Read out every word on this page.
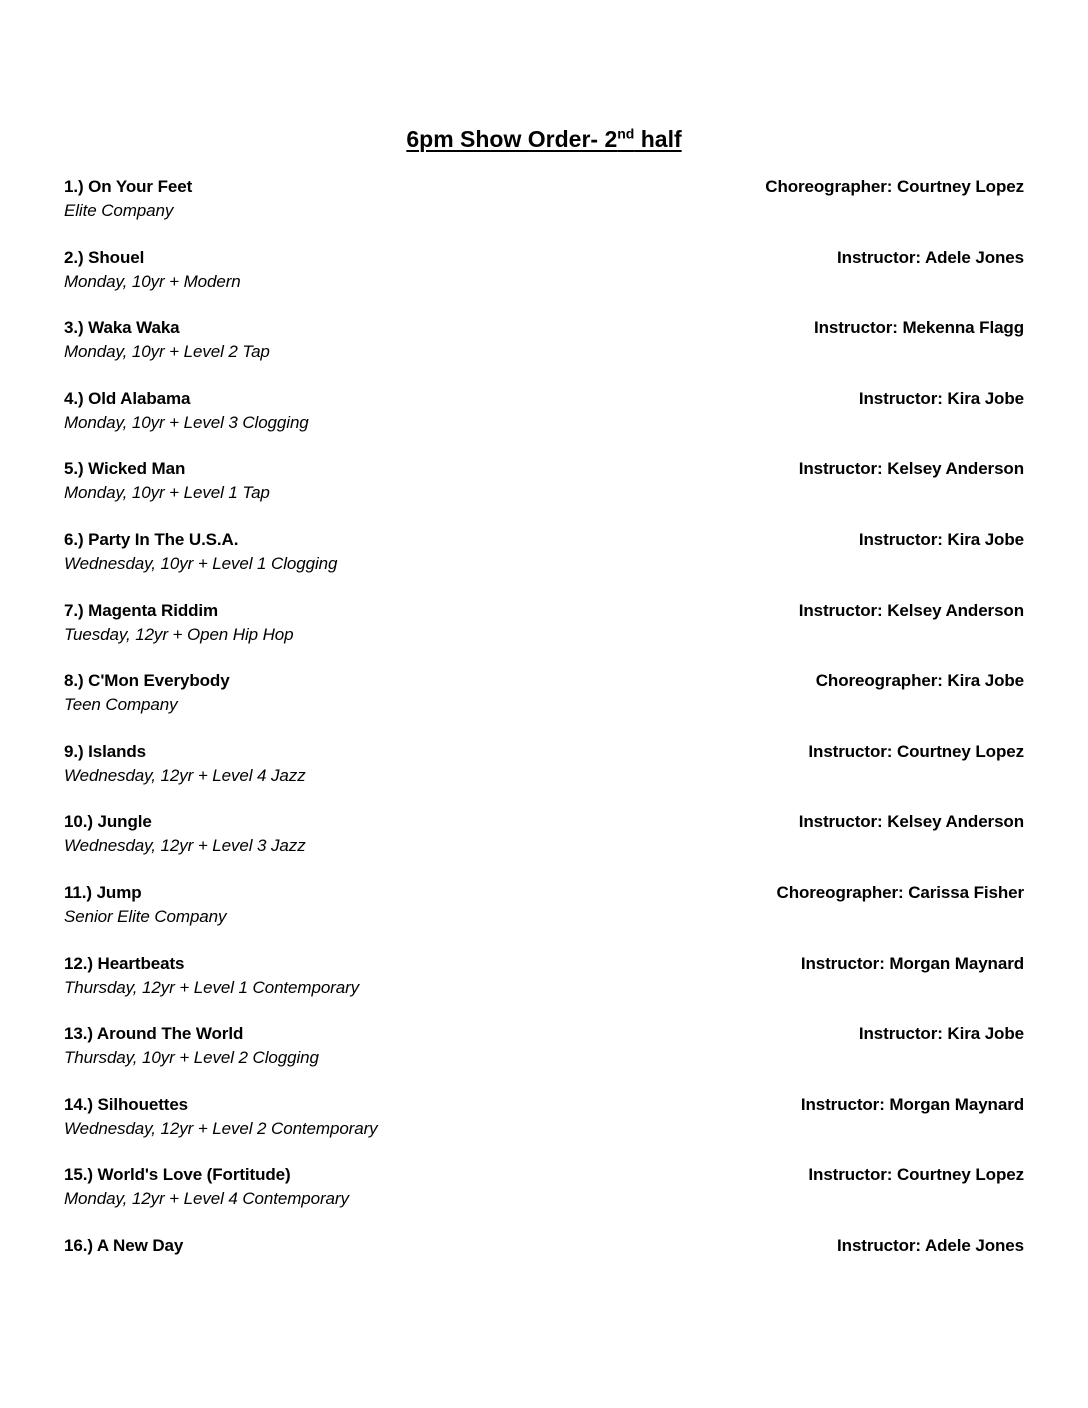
6pm Show Order- 2nd half
1.) On Your Feet	Choreographer: Courtney Lopez
Elite Company
2.) Shouel	Instructor: Adele Jones
Monday, 10yr + Modern
3.) Waka Waka	Instructor: Mekenna Flagg
Monday, 10yr + Level 2 Tap
4.) Old Alabama	Instructor: Kira Jobe
Monday, 10yr + Level 3 Clogging
5.) Wicked Man	Instructor: Kelsey Anderson
Monday, 10yr + Level 1 Tap
6.) Party In The U.S.A.	Instructor: Kira Jobe
Wednesday, 10yr + Level 1 Clogging
7.) Magenta Riddim	Instructor: Kelsey Anderson
Tuesday, 12yr + Open Hip Hop
8.) C'Mon Everybody	Choreographer: Kira Jobe
Teen Company
9.) Islands	Instructor: Courtney Lopez
Wednesday, 12yr + Level 4 Jazz
10.) Jungle	Instructor: Kelsey Anderson
Wednesday, 12yr + Level 3 Jazz
11.) Jump	Choreographer: Carissa Fisher
Senior Elite Company
12.) Heartbeats	Instructor: Morgan Maynard
Thursday, 12yr + Level 1 Contemporary
13.) Around The World	Instructor: Kira Jobe
Thursday, 10yr + Level 2 Clogging
14.) Silhouettes	Instructor: Morgan Maynard
Wednesday, 12yr + Level 2 Contemporary
15.) World's Love (Fortitude)	Instructor: Courtney Lopez
Monday, 12yr + Level 4 Contemporary
16.) A New Day	Instructor: Adele Jones
